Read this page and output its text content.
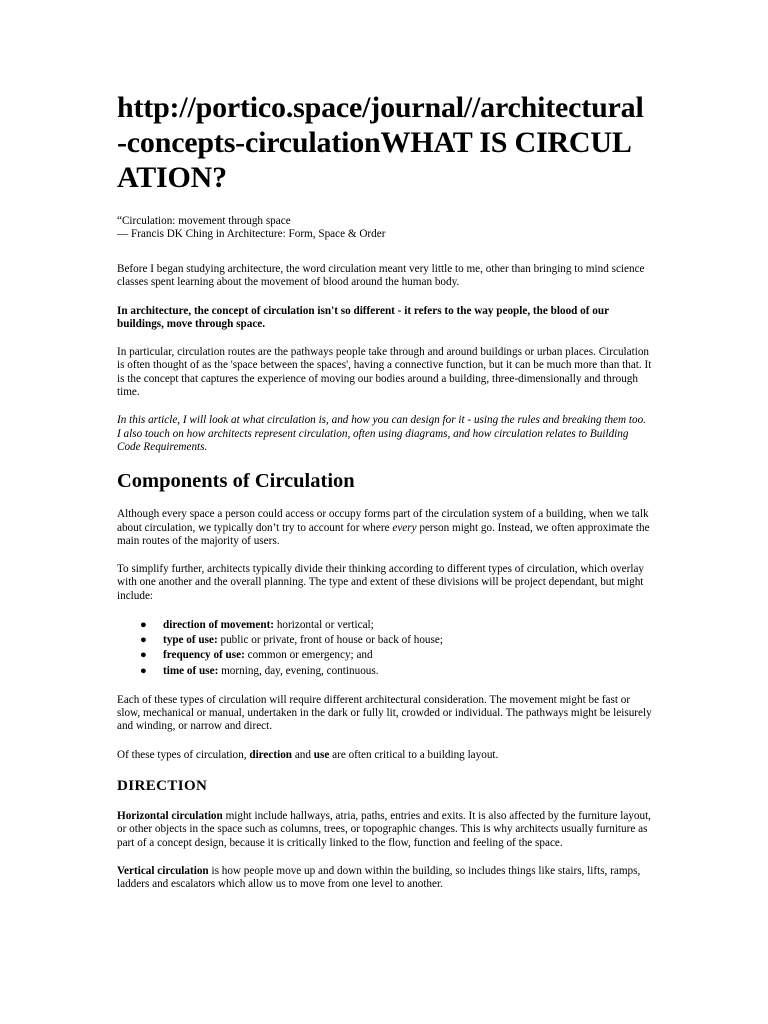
http://portico.space/journal//architectural-concepts-circulationWHAT IS CIRCULATION?
“Circulation: movement through space
— Francis DK Ching in Architecture: Form, Space & Order

Before I began studying architecture, the word circulation meant very little to me, other than bringing to mind science classes spent learning about the movement of blood around the human body.

In architecture, the concept of circulation isn't so different - it refers to the way people, the blood of our buildings, move through space.

In particular, circulation routes are the pathways people take through and around buildings or urban places. Circulation is often thought of as the 'space between the spaces', having a connective function, but it can be much more than that. It is the concept that captures the experience of moving our bodies around a building, three-dimensionally and through time.

In this article, I will look at what circulation is, and how you can design for it - using the rules and breaking them too. I also touch on how architects represent circulation, often using diagrams, and how circulation relates to Building Code Requirements.

Components of Circulation

Although every space a person could access or occupy forms part of the circulation system of a building, when we talk about circulation, we typically don’t try to account for where every person might go. Instead, we often approximate the main routes of the majority of users.

To simplify further, architects typically divide their thinking according to different types of circulation, which overlay with one another and the overall planning. The type and extent of these divisions will be project dependant, but might include:

● direction of movement: horizontal or vertical;
● type of use: public or private, front of house or back of house;
● frequency of use: common or emergency; and
● time of use: morning, day, evening, continuous.

Each of these types of circulation will require different architectural consideration. The movement might be fast or slow, mechanical or manual, undertaken in the dark or fully lit, crowded or individual. The pathways might be leisurely and winding, or narrow and direct.

Of these types of circulation, direction and use are often critical to a building layout.

DIRECTION

Horizontal circulation might include hallways, atria, paths, entries and exits. It is also affected by the furniture layout, or other objects in the space such as columns, trees, or topographic changes. This is why architects usually furniture as part of a concept design, because it is critically linked to the flow, function and feeling of the space.

Vertical circulation is how people move up and down within the building, so includes things like stairs, lifts, ramps, ladders and escalators which allow us to move from one level to another.
